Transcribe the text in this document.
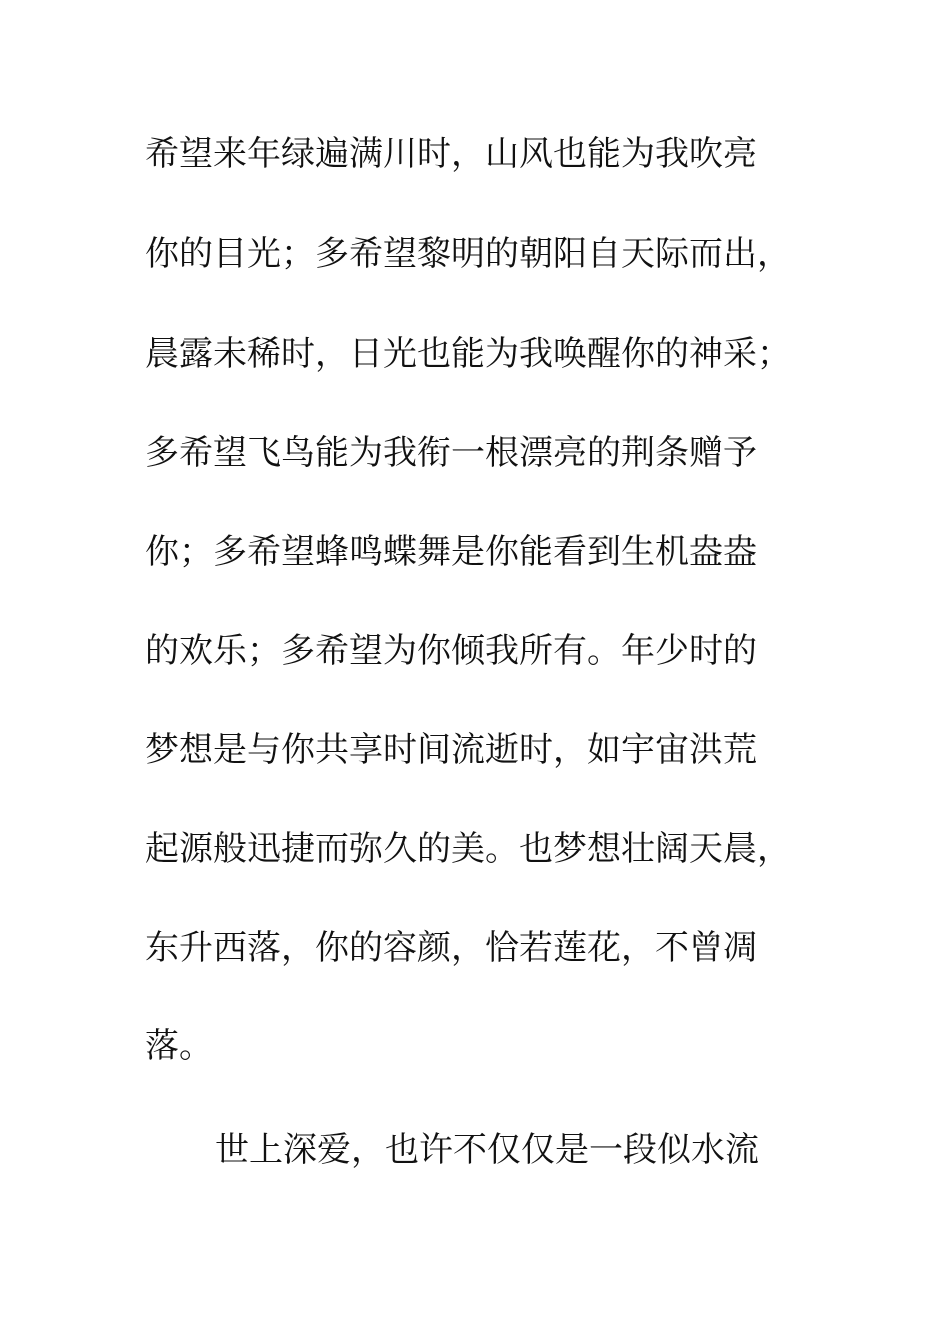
希望来年绿遍满川时，山风也能为我吹亮
你的目光；多希望黎明的朝阳自天际而出，
晨露未稀时，日光也能为我唤醒你的神采；
多希望飞鸟能为我衔一根漂亮的荆条赠予
你；多希望蜂鸣蝶舞是你能看到生机盎盎
的欢乐；多希望为你倾我所有。年少时的
梦想是与你共享时间流逝时，如宇宙洪荒
起源般迅捷而弥久的美。也梦想壮阔天晨，
东升西落，你的容颜，恰若莲花，不曾凋
落。
世上深爱，也许不仅仅是一段似水流
